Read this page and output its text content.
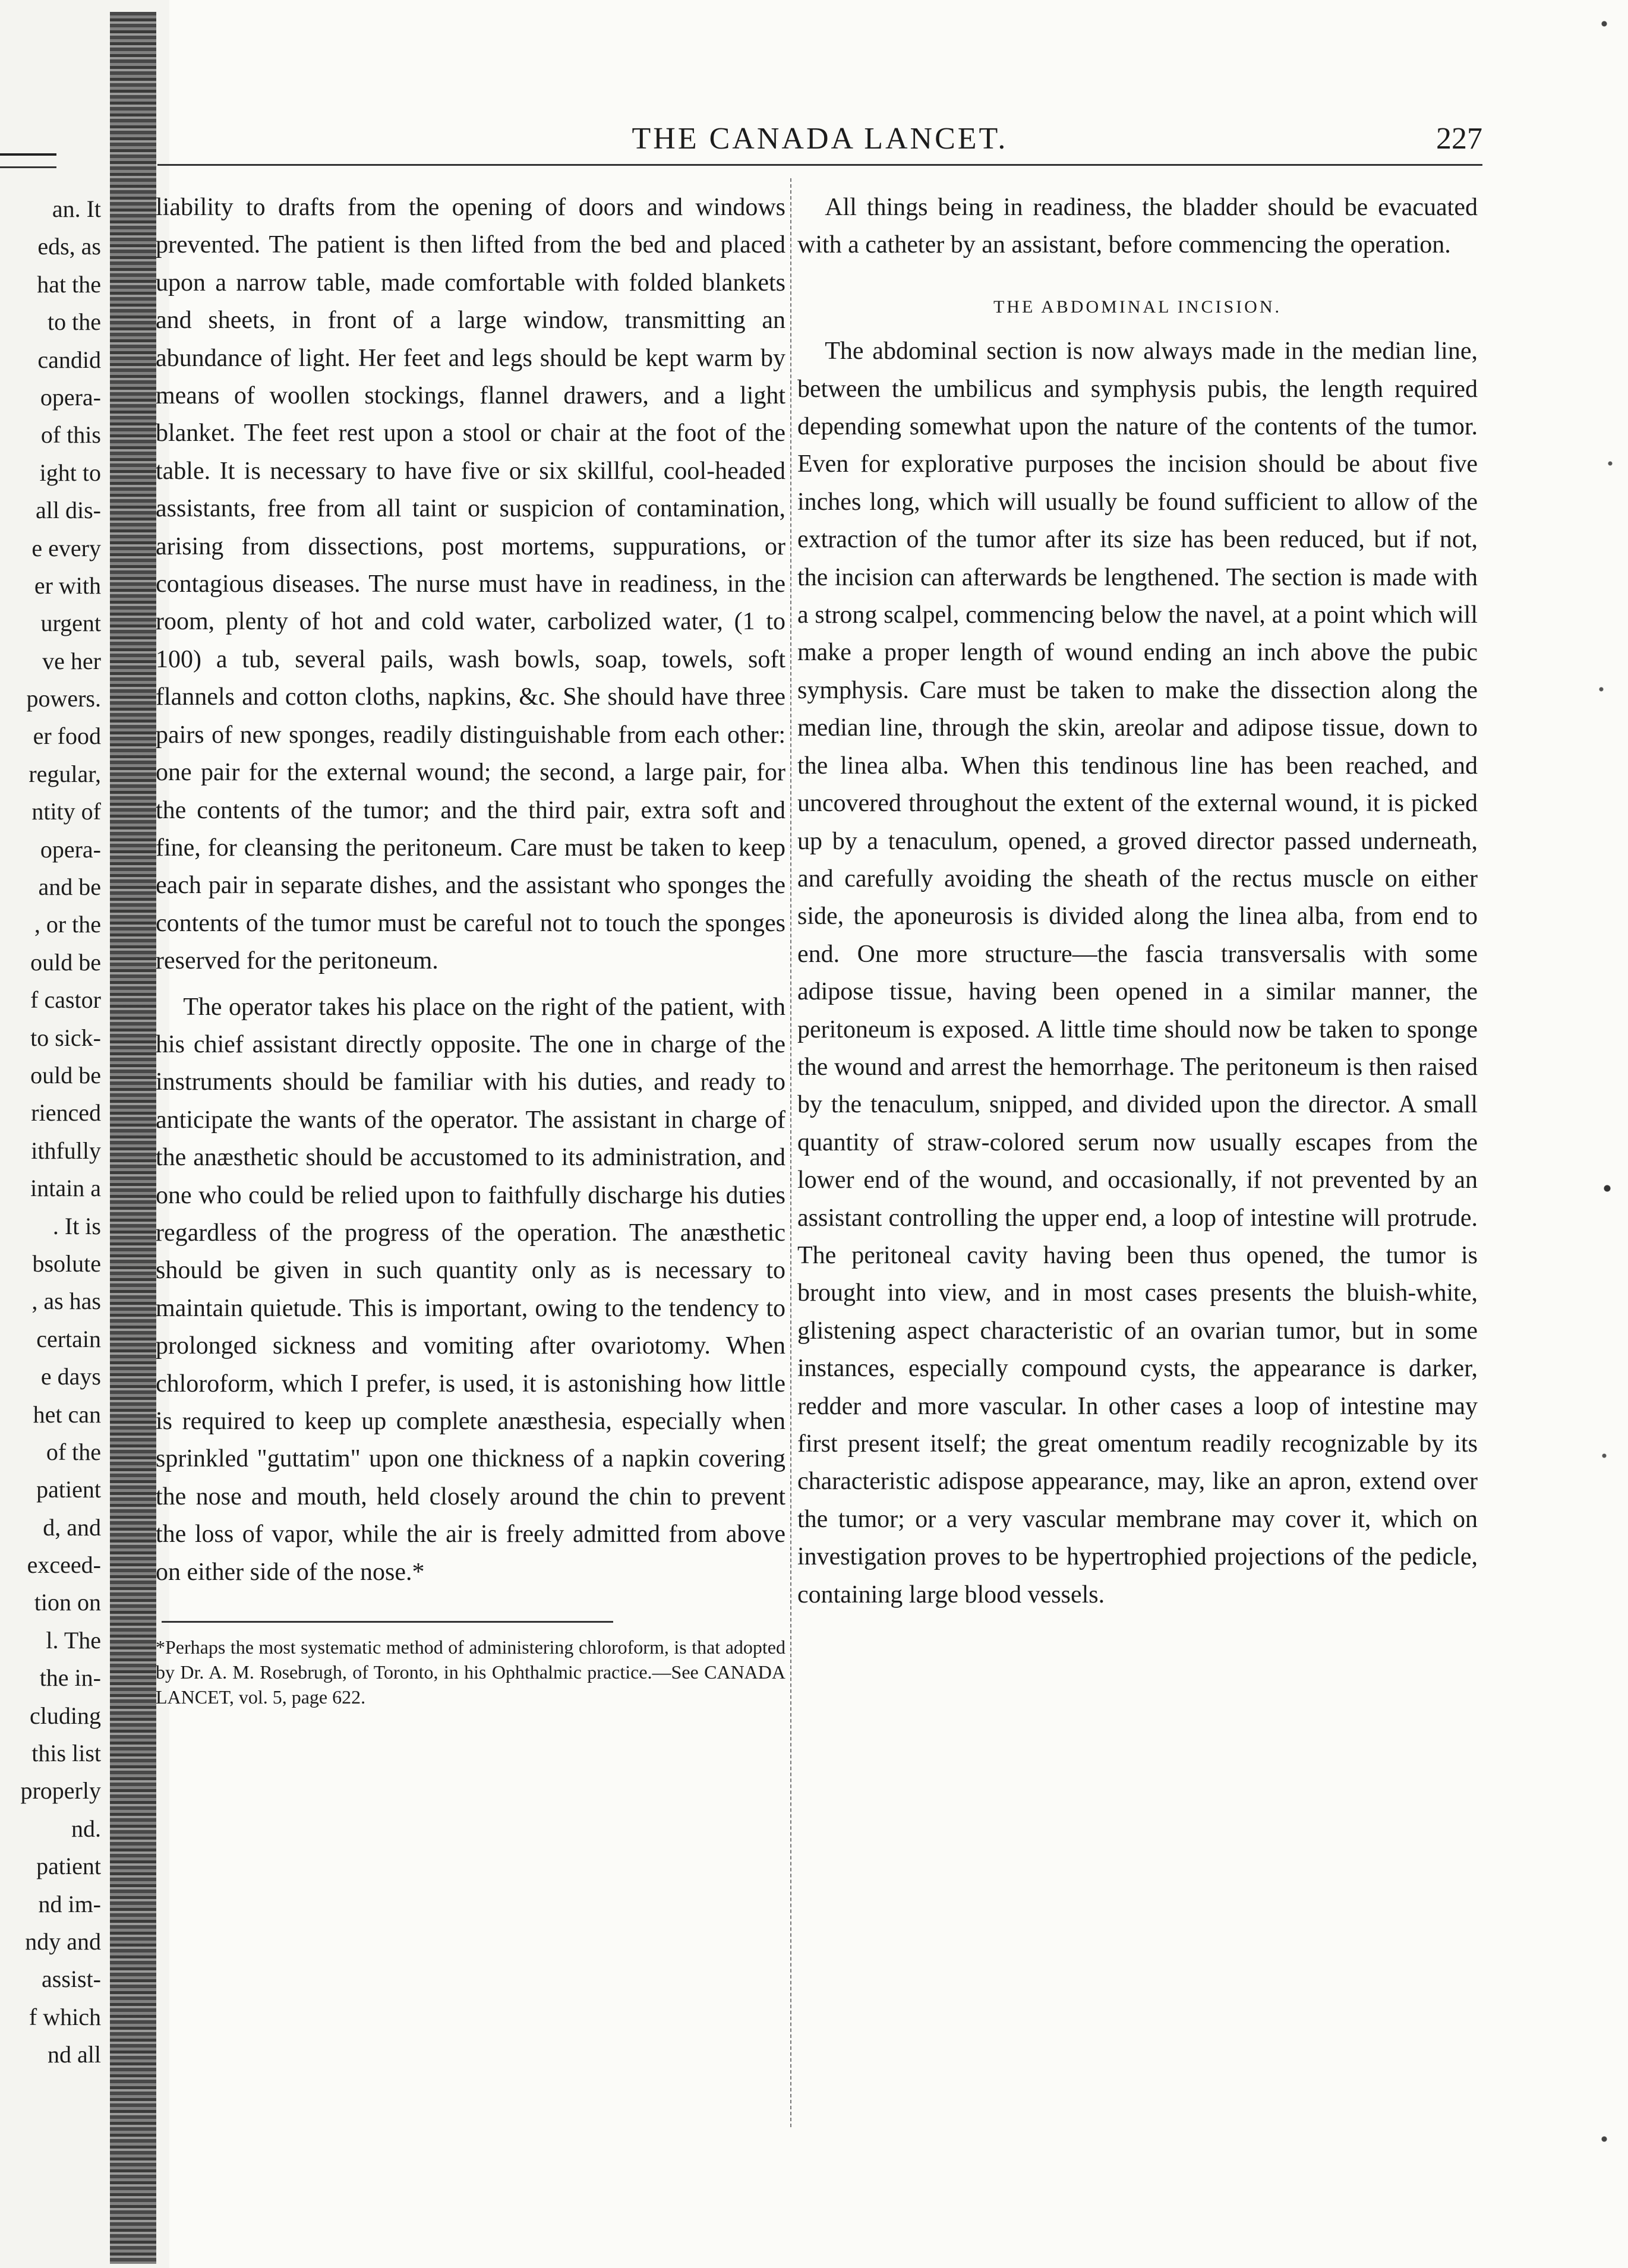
an. It
eds, as
hat the
to the
candid
opera-
of this
ight to
all dis-
e every
er with
urgent
ve her
powers.
er food
regular,
ntity of
opera-
and be
, or the
ould be
f castor
to sick-
ould be
rienced
ithfully
intain a
. It is
bsolute
, as has
certain
e days
het can
of the
patient
d, and
exceed-
tion on
l. The
the in-
cluding
this list
properly
nd.
patient
nd im-
ndy and
assist-
f which
nd all
THE CANADA LANCET.	227

liability to drafts from the opening of doors and windows prevented. The patient is then lifted from the bed and placed upon a narrow table, made comfortable with folded blankets and sheets, in front of a large window, transmitting an abundance of light. Her feet and legs should be kept warm by means of woollen stockings, flannel drawers, and a light blanket. The feet rest upon a stool or chair at the foot of the table. It is necessary to have five or six skillful, cool-headed assistants, free from all taint or suspicion of contamination, arising from dissections, post mortems, suppurations, or contagious diseases. The nurse must have in readiness, in the room, plenty of hot and cold water, carbolized water, (1 to 100) a tub, several pails, wash bowls, soap, towels, soft flannels and cotton cloths, napkins, &c. She should have three pairs of new sponges, readily distinguishable from each other: one pair for the external wound; the second, a large pair, for the contents of the tumor; and the third pair, extra soft and fine, for cleansing the peritoneum. Care must be taken to keep each pair in separate dishes, and the assistant who sponges the contents of the tumor must be careful not to touch the sponges reserved for the peritoneum.

The operator takes his place on the right of the patient, with his chief assistant directly opposite. The one in charge of the instruments should be familiar with his duties, and ready to anticipate the wants of the operator. The assistant in charge of the anæsthetic should be accustomed to its administration, and one who could be relied upon to faithfully discharge his duties regardless of the progress of the operation. The anæsthetic should be given in such quantity only as is necessary to maintain quietude. This is important, owing to the tendency to prolonged sickness and vomiting after ovariotomy. When chloroform, which I prefer, is used, it is astonishing how little is required to keep up complete anæsthesia, especially when sprinkled "guttatim" upon one thickness of a napkin covering the nose and mouth, held closely around the chin to prevent the loss of vapor, while the air is freely admitted from above on either side of the nose.*

*Perhaps the most systematic method of administering chloroform, is that adopted by Dr. A. M. Rosebrugh, of Toronto, in his Ophthalmic practice.—See CANADA LANCET, vol. 5, page 622.

All things being in readiness, the bladder should be evacuated with a catheter by an assistant, before commencing the operation.

THE ABDOMINAL INCISION.

The abdominal section is now always made in the median line, between the umbilicus and symphysis pubis, the length required depending somewhat upon the nature of the contents of the tumor. Even for explorative purposes the incision should be about five inches long, which will usually be found sufficient to allow of the extraction of the tumor after its size has been reduced, but if not, the incision can afterwards be lengthened. The section is made with a strong scalpel, commencing below the navel, at a point which will make a proper length of wound ending an inch above the pubic symphysis. Care must be taken to make the dissection along the median line, through the skin, areolar and adipose tissue, down to the linea alba. When this tendinous line has been reached, and uncovered throughout the extent of the external wound, it is picked up by a tenaculum, opened, a groved director passed underneath, and carefully avoiding the sheath of the rectus muscle on either side, the aponeurosis is divided along the linea alba, from end to end. One more structure—the fascia transversalis with some adipose tissue, having been opened in a similar manner, the peritoneum is exposed. A little time should now be taken to sponge the wound and arrest the hemorrhage. The peritoneum is then raised by the tenaculum, snipped, and divided upon the director. A small quantity of straw-colored serum now usually escapes from the lower end of the wound, and occasionally, if not prevented by an assistant controlling the upper end, a loop of intestine will protrude. The peritoneal cavity having been thus opened, the tumor is brought into view, and in most cases presents the bluish-white, glistening aspect characteristic of an ovarian tumor, but in some instances, especially compound cysts, the appearance is darker, redder and more vascular. In other cases a loop of intestine may first present itself; the great omentum readily recognizable by its characteristic adispose appearance, may, like an apron, extend over the tumor; or a very vascular membrane may cover it, which on investigation proves to be hypertrophied projections of the pedicle, containing large blood vessels.
